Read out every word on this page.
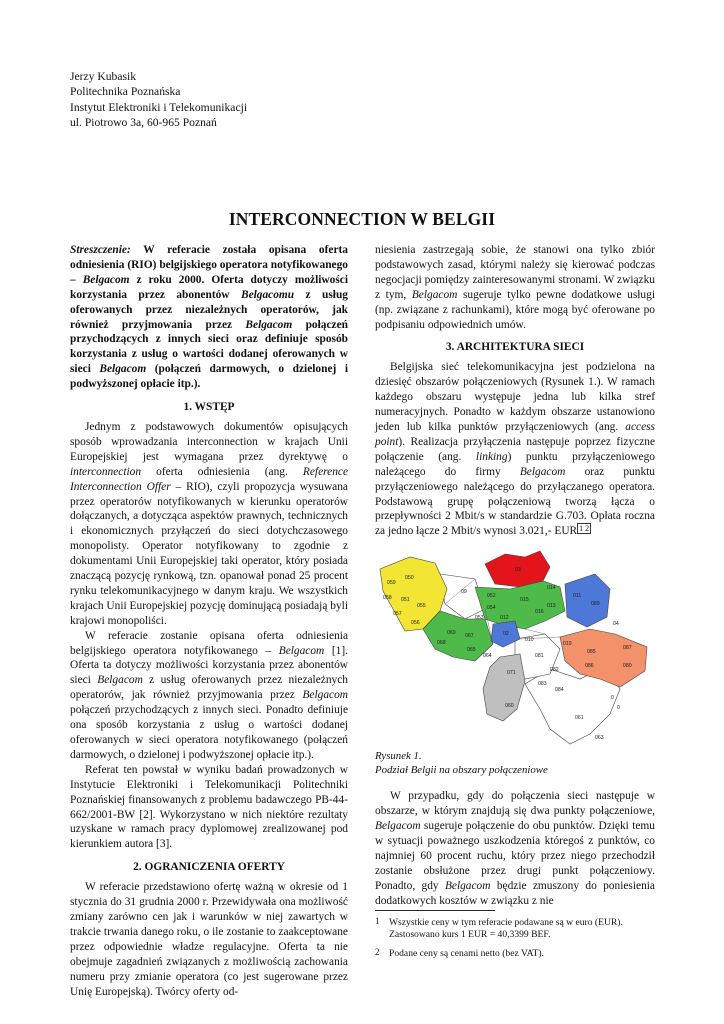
Jerzy Kubasik
Politechnika Poznańska
Instytut Elektroniki i Telekomunikacji
ul. Piotrowo 3a, 60-965 Poznań
INTERCONNECTION W BELGII

Streszczenie: W referacie została opisana oferta odniesienia (RIO) belgijskiego operatora notyfikowanego – Belgacom z roku 2000. Oferta dotyczy możliwości korzystania przez abonentów Belgacomu z usług oferowanych przez niezależnych operatorów, jak również przyjmowania przez Belgacom połączeń przychodzących z innych sieci oraz definiuje sposób korzystania z usług o wartości dodanej oferowanych w sieci Belgacom (połączeń darmowych, o dzielonej i podwyższonej opłacie itp.).

1. WSTĘP

Jednym z podstawowych dokumentów opisujących sposób wprowadzania interconnection w krajach Unii Europejskiej jest wymagana przez dyrektywę o interconnection oferta odniesienia (ang. Reference Interconnection Offer – RIO), czyli propozycja wysuwana przez operatorów notyfikowanych w kierunku operatorów dołączanych, a dotycząca aspektów prawnych, technicznych i ekonomicznych przyłączeń do sieci dotychczasowego monopolisty. Operator notyfikowany to zgodnie z dokumentami Unii Europejskiej taki operator, który posiada znaczącą pozycję rynkową, tzn. opanował ponad 25 procent rynku telekomunikacyjnego w danym kraju. We wszystkich krajach Unii Europejskiej pozycję dominującą posiadają byli krajowi monopoliści.

W referacie zostanie opisana oferta odniesienia belgijskiego operatora notyfikowanego – Belgacom [1]. Oferta ta dotyczy możliwości korzystania przez abonentów sieci Belgacom z usług oferowanych przez niezależnych operatorów, jak również przyjmowania przez Belgacom połączeń przychodzących z innych sieci. Ponadto definiuje ona sposób korzystania z usług o wartości dodanej oferowanych w sieci operatora notyfikowanego (połączeń darmowych, o dzielonej i podwyższonej opłacie itp.).

Referat ten powstał w wyniku badań prowadzonych w Instytucie Elektroniki i Telekomunikacji Politechniki Poznańskiej finansowanych z problemu badawczego PB-44-662/2001-BW [2]. Wykorzystano w nich niektóre rezultaty uzyskane w ramach pracy dyplomowej zrealizowanej pod kierunkiem autora [3].

2. OGRANICZENIA OFERTY

W referacie przedstawiono ofertę ważną w okresie od 1 stycznia do 31 grudnia 2000 r. Przewidywała ona możliwość zmiany zarówno cen jak i warunków w niej zawartych w trakcie trwania danego roku, o ile zostanie to zaakceptowane przez odpowiednie władze regulacyjne. Oferta ta nie obejmuje zagadnień związanych z możliwością zachowania numeru przy zmianie operatora (co jest sugerowane przez Unię Europejską). Twórcy oferty od-

niesienia zastrzegają sobie, że stanowi ona tylko zbiór podstawowych zasad, którymi należy się kierować podczas negocjacji pomiędzy zainteresowanymi stronami. W związku z tym, Belgacom sugeruje tylko pewne dodatkowe usługi (np. związane z rachunkami), które mogą być oferowane po podpisaniu odpowiednich umów.

3. ARCHITEKTURA SIECI

Belgijska sieć telekomunikacyjna jest podzielona na dziesięć obszarów połączeniowych (Rysunek 1.). W ramach każdego obszaru występuje jedna lub kilka stref numeracyjnych. Ponadto w każdym obszarze ustanowiono jeden lub kilka punktów przyłączeniowych (ang. access point). Realizacja przyłączenia następuje poprzez fizyczne połączenie (ang. linking) punktu przyłączeniowego należącego do firmy Belgacom oraz punktu przyłączeniowego należącego do przyłączanego operatora. Podstawową grupę połączeniową tworzą łącza o przepływności 2 Mbit/s w standardzie G.703. Opłata roczna za jedno łącze 2 Mbit/s wynosi 3.021,- EUR $^{1 2}$

059
050
058 051
057
055
056
03
014
052
015
054
016
053
013
069 067
068
065
064
011
089
02
010
019
04
087
085
086	080
071
060
09
012
081
082
083
084
061
063
0
0
Rysunek 1.
Podział Belgii na obszary połączeniowe

W przypadku, gdy do połączenia sieci następuje w obszarze, w którym znajdują się dwa punkty połączeniowe, Belgacom sugeruje połączenie do obu punktów. Dzięki temu w sytuacji poważnego uszkodzenia któregoś z punktów, co najmniej 60 procent ruchu, który przez niego przechodził zostanie obsłużone przez drugi punkt połączeniowy. Ponadto, gdy Belgacom będzie zmuszony do poniesienia dodatkowych kosztów w związku z nie

1 Wszystkie ceny w tym referacie podawane są w euro (EUR). Zastosowano kurs 1 EUR = 40,3399 BEF.
2 Podane ceny są cenami netto (bez VAT).
